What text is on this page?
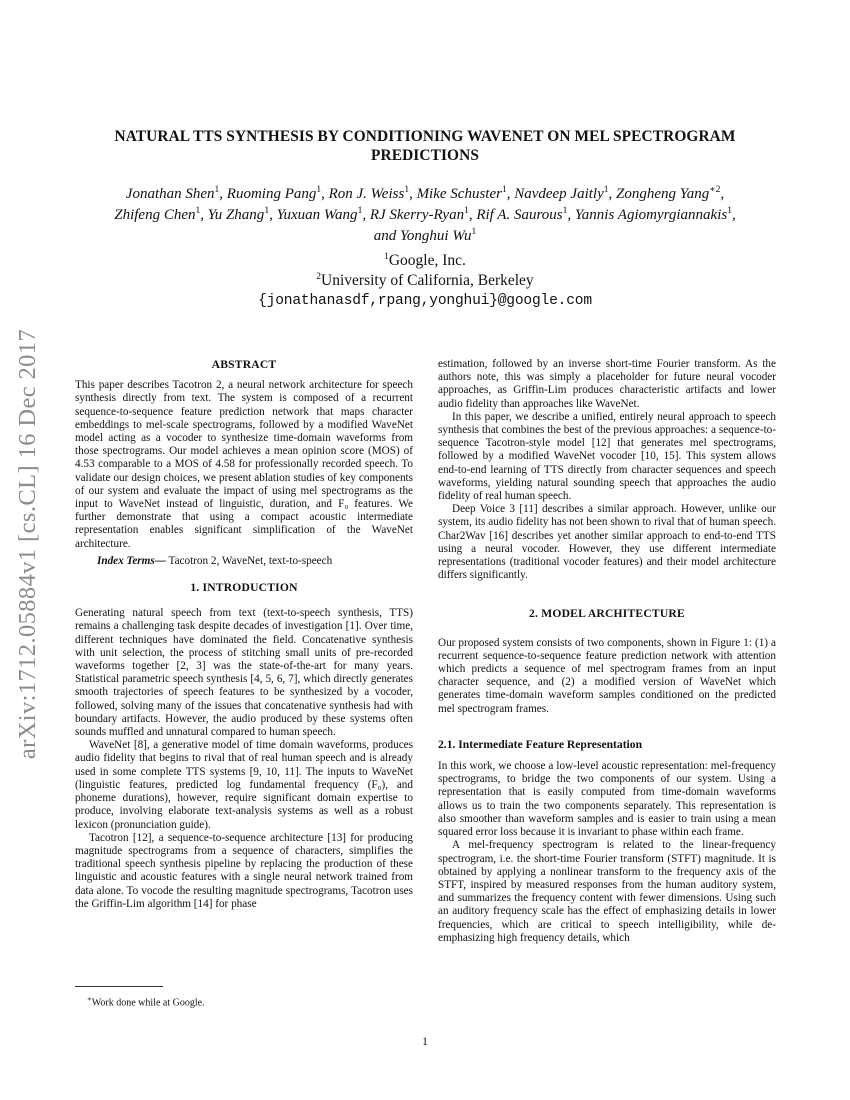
arXiv:1712.05884v1 [cs.CL] 16 Dec 2017
NATURAL TTS SYNTHESIS BY CONDITIONING WAVENET ON MEL SPECTROGRAM
PREDICTIONS
Jonathan Shen$^1$, Ruoming Pang$^1$, Ron J. Weiss$^1$, Mike Schuster$^1$, Navdeep Jaitly$^1$, Zongheng Yang$^{∗2}$,
Zhifeng Chen$^1$, Yu Zhang$^1$, Yuxuan Wang$^1$, RJ Skerry-Ryan$^1$, Rif A. Saurous$^1$, Yannis Agiomyrgiannakis$^1$,
and Yonghui Wu$^1$
$^1$Google, Inc.
$^2$University of California, Berkeley
{jonathanasdf,rpang,yonghui}@google.com
ABSTRACT

This paper describes Tacotron 2, a neural network architecture for speech synthesis directly from text. The system is composed of a recurrent sequence-to-sequence feature prediction network that maps character embeddings to mel-scale spectrograms, followed by a modified WaveNet model acting as a vocoder to synthesize time-domain waveforms from those spectrograms. Our model achieves a mean opinion score (MOS) of 4.53 comparable to a MOS of 4.58 for professionally recorded speech. To validate our design choices, we present ablation studies of key components of our system and evaluate the impact of using mel spectrograms as the input to WaveNet instead of linguistic, duration, and F₀ features. We further demonstrate that using a compact acoustic intermediate representation enables significant simplification of the WaveNet architecture.

Index Terms— Tacotron 2, WaveNet, text-to-speech

1. INTRODUCTION

Generating natural speech from text (text-to-speech synthesis, TTS) remains a challenging task despite decades of investigation [1]. Over time, different techniques have dominated the field. Concatenative synthesis with unit selection, the process of stitching small units of pre-recorded waveforms together [2, 3] was the state-of-the-art for many years. Statistical parametric speech synthesis [4, 5, 6, 7], which directly generates smooth trajectories of speech features to be synthesized by a vocoder, followed, solving many of the issues that concatenative synthesis had with boundary artifacts. However, the audio produced by these systems often sounds muffled and unnatural compared to human speech.

WaveNet [8], a generative model of time domain waveforms, produces audio fidelity that begins to rival that of real human speech and is already used in some complete TTS systems [9, 10, 11]. The inputs to WaveNet (linguistic features, predicted log fundamental frequency (F₀), and phoneme durations), however, require significant domain expertise to produce, involving elaborate text-analysis systems as well as a robust lexicon (pronunciation guide).

Tacotron [12], a sequence-to-sequence architecture [13] for producing magnitude spectrograms from a sequence of characters, simplifies the traditional speech synthesis pipeline by replacing the production of these linguistic and acoustic features with a single neural network trained from data alone. To vocode the resulting magnitude spectrograms, Tacotron uses the Griffin-Lim algorithm [14] for phase

estimation, followed by an inverse short-time Fourier transform. As the authors note, this was simply a placeholder for future neural vocoder approaches, as Griffin-Lim produces characteristic artifacts and lower audio fidelity than approaches like WaveNet.

In this paper, we describe a unified, entirely neural approach to speech synthesis that combines the best of the previous approaches: a sequence-to-sequence Tacotron-style model [12] that generates mel spectrograms, followed by a modified WaveNet vocoder [10, 15]. This system allows end-to-end learning of TTS directly from character sequences and speech waveforms, yielding natural sounding speech that approaches the audio fidelity of real human speech.

Deep Voice 3 [11] describes a similar approach. However, unlike our system, its audio fidelity has not been shown to rival that of human speech. Char2Wav [16] describes yet another similar approach to end-to-end TTS using a neural vocoder. However, they use different intermediate representations (traditional vocoder features) and their model architecture differs significantly.

2. MODEL ARCHITECTURE

Our proposed system consists of two components, shown in Figure 1: (1) a recurrent sequence-to-sequence feature prediction network with attention which predicts a sequence of mel spectrogram frames from an input character sequence, and (2) a modified version of WaveNet which generates time-domain waveform samples conditioned on the predicted mel spectrogram frames.

2.1. Intermediate Feature Representation

In this work, we choose a low-level acoustic representation: mel-frequency spectrograms, to bridge the two components of our system. Using a representation that is easily computed from time-domain waveforms allows us to train the two components separately. This representation is also smoother than waveform samples and is easier to train using a mean squared error loss because it is invariant to phase within each frame.

A mel-frequency spectrogram is related to the linear-frequency spectrogram, i.e. the short-time Fourier transform (STFT) magnitude. It is obtained by applying a nonlinear transform to the frequency axis of the STFT, inspired by measured responses from the human auditory system, and summarizes the frequency content with fewer dimensions. Using such an auditory frequency scale has the effect of emphasizing details in lower frequencies, which are critical to speech intelligibility, while de-emphasizing high frequency details, which

∗Work done while at Google.
1
